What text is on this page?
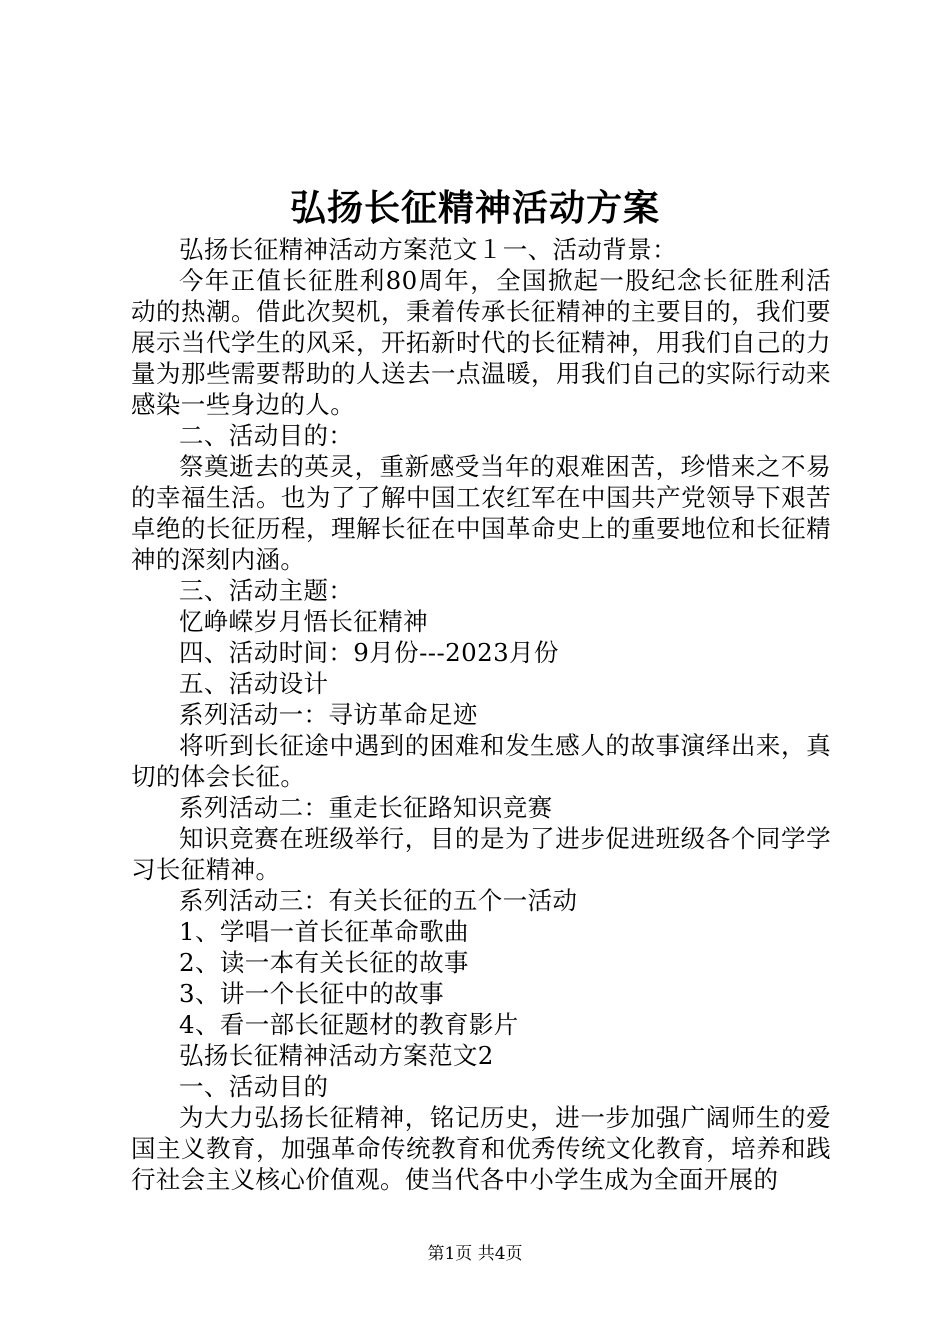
弘扬长征精神活动方案

弘扬长征精神活动方案范文１一、活动背景：

今年正值长征胜利80周年，全国掀起一股纪念长征胜利活动的热潮。借此次契机，秉着传承长征精神的主要目的，我们要展示当代学生的风采，开拓新时代的长征精神，用我们自己的力量为那些需要帮助的人送去一点温暖，用我们自己的实际行动来感染一些身边的人。

二、活动目的：

祭奠逝去的英灵，重新感受当年的艰难困苦，珍惜来之不易的幸福生活。也为了了解中国工农红军在中国共产党领导下艰苦卓绝的长征历程，理解长征在中国革命史上的重要地位和长征精神的深刻内涵。

三、活动主题：

忆峥嵘岁月悟长征精神

四、活动时间：9月份---2023月份

五、活动设计

系列活动一：寻访革命足迹

将听到长征途中遇到的困难和发生感人的故事演绎出来，真切的体会长征。

系列活动二：重走长征路知识竞赛

知识竞赛在班级举行，目的是为了进步促进班级各个同学学习长征精神。

系列活动三：有关长征的五个一活动

1、学唱一首长征革命歌曲

2、读一本有关长征的故事

3、讲一个长征中的故事

4、看一部长征题材的教育影片

弘扬长征精神活动方案范文2

一、活动目的

为大力弘扬长征精神，铭记历史，进一步加强广阔师生的爱国主义教育，加强革命传统教育和优秀传统文化教育，培养和践行社会主义核心价值观。使当代各中小学生成为全面开展的

第1页 共4页
